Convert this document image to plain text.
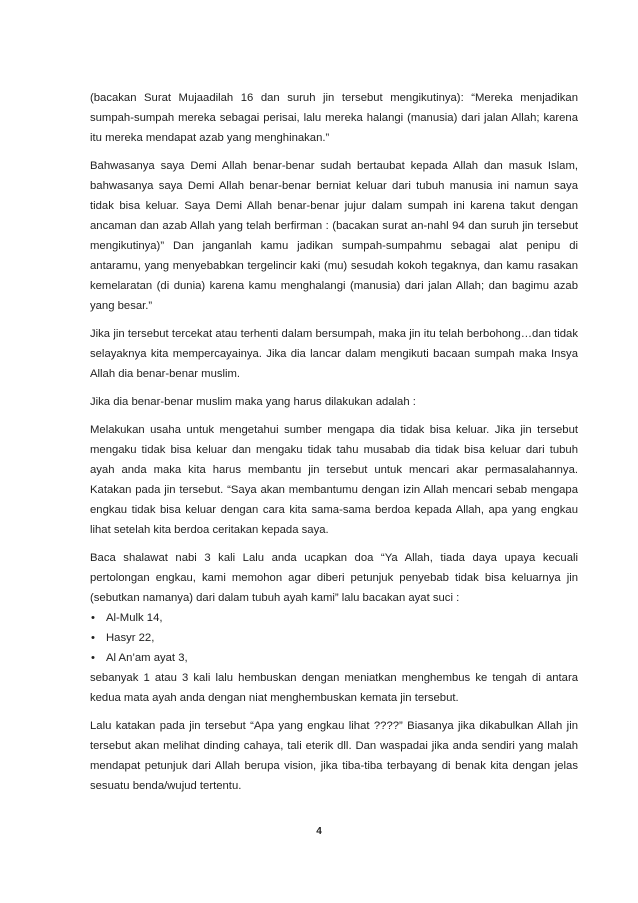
(bacakan Surat Mujaadilah 16 dan suruh jin tersebut mengikutinya): “Mereka menjadikan sumpah-sumpah mereka sebagai perisai, lalu mereka halangi (manusia) dari jalan Allah; karena itu mereka mendapat azab yang menghinakan.”

Bahwasanya saya Demi Allah benar-benar sudah bertaubat kepada Allah dan masuk Islam, bahwasanya saya Demi Allah benar-benar berniat keluar dari tubuh manusia ini namun saya tidak bisa keluar. Saya Demi Allah benar-benar jujur dalam sumpah ini karena takut dengan ancaman dan azab Allah yang telah berfirman : (bacakan surat an-nahl 94 dan suruh jin tersebut mengikutinya)” Dan janganlah kamu jadikan sumpah-sumpahmu sebagai alat penipu di antaramu, yang menyebabkan tergelincir kaki (mu) sesudah kokoh tegaknya, dan kamu rasakan kemelaratan (di dunia) karena kamu menghalangi (manusia) dari jalan Allah; dan bagimu azab yang besar.”

Jika jin tersebut tercekat atau terhenti dalam bersumpah, maka jin itu telah berbohong…dan tidak selayaknya kita mempercayainya. Jika dia lancar dalam mengikuti bacaan sumpah maka Insya Allah dia benar-benar muslim.

Jika dia benar-benar muslim maka yang harus dilakukan adalah :

Melakukan usaha untuk mengetahui sumber mengapa dia tidak bisa keluar. Jika jin tersebut mengaku tidak bisa keluar dan mengaku tidak tahu musabab dia tidak bisa keluar dari tubuh ayah anda maka kita harus membantu jin tersebut untuk mencari akar permasalahannya. Katakan pada jin tersebut. “Saya akan membantumu dengan izin Allah mencari sebab mengapa engkau tidak bisa keluar dengan cara kita sama-sama berdoa kepada Allah, apa yang engkau lihat setelah kita berdoa ceritakan kepada saya.

Baca shalawat nabi 3 kali Lalu anda ucapkan doa “Ya Allah, tiada daya upaya kecuali pertolongan engkau, kami memohon agar diberi petunjuk penyebab tidak bisa keluarnya jin (sebutkan namanya) dari dalam tubuh ayah kami” lalu bacakan ayat suci :

• Al-Mulk 14,
• Hasyr 22,
• Al An’am ayat 3,

sebanyak 1 atau 3 kali lalu hembuskan dengan meniatkan menghembus ke tengah di antara kedua mata ayah anda dengan niat menghembuskan kemata jin tersebut.

Lalu katakan pada jin tersebut “Apa yang engkau lihat ????” Biasanya jika dikabulkan Allah jin tersebut akan melihat dinding cahaya, tali eterik dll. Dan waspadai jika anda sendiri yang malah mendapat petunjuk dari Allah berupa vision, jika tiba-tiba terbayang di benak kita dengan jelas sesuatu benda/wujud tertentu.

4
